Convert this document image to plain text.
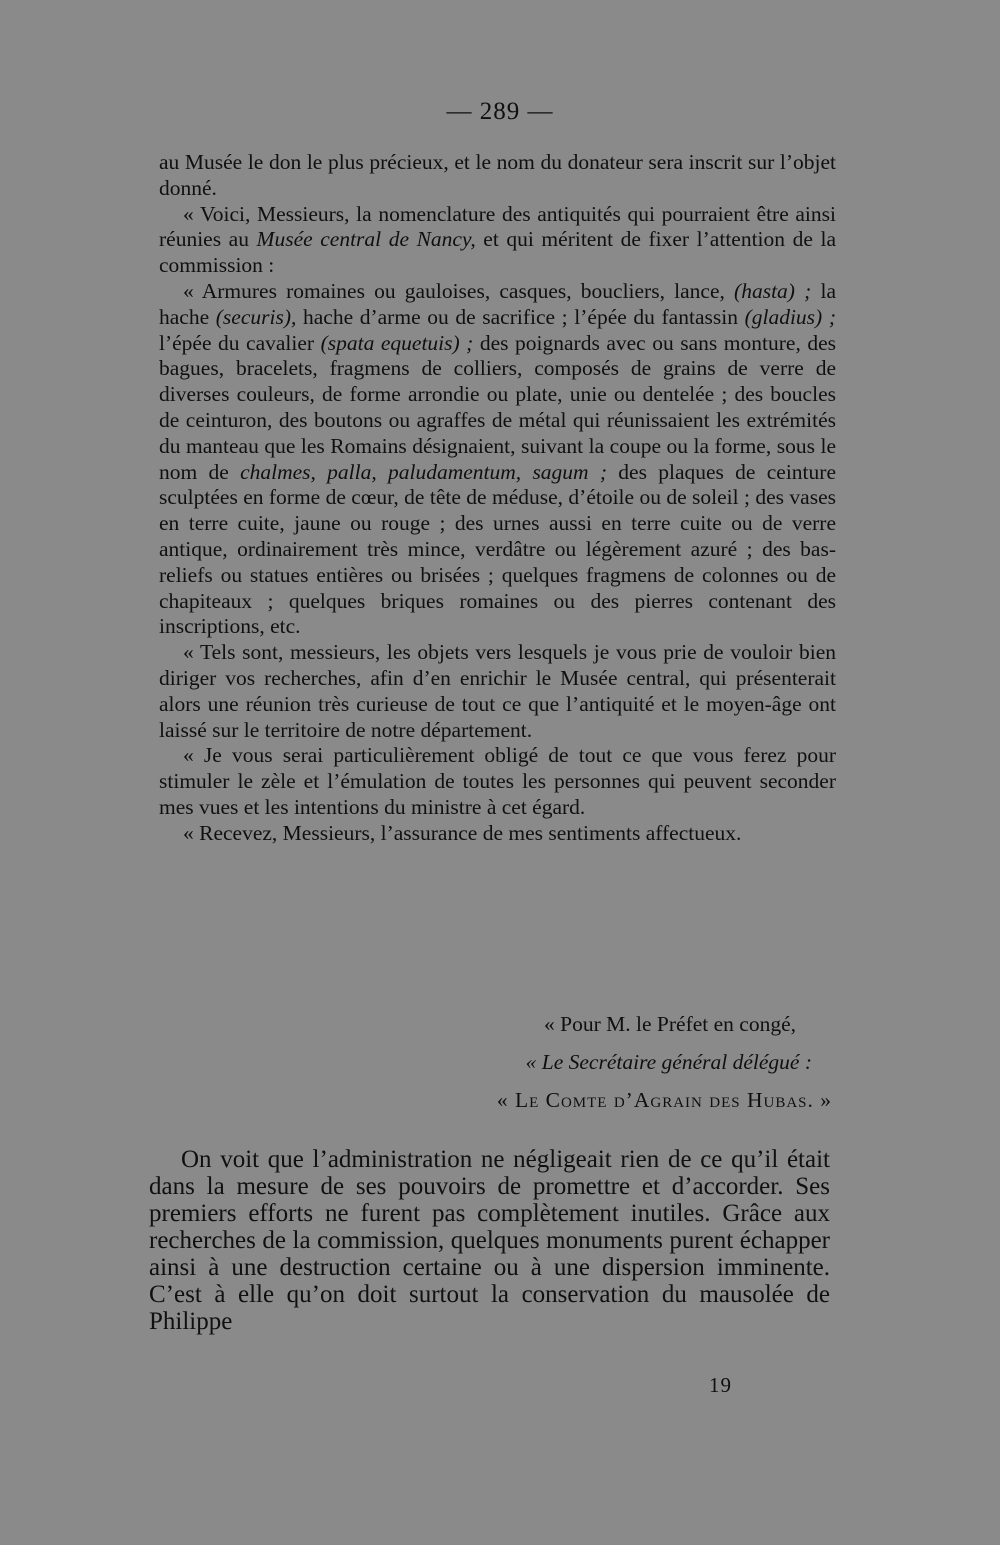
— 289 —

au Musée le don le plus précieux, et le nom du donateur sera inscrit sur l’objet donné.

« Voici, Messieurs, la nomenclature des antiquités qui pourraient être ainsi réunies au Musée central de Nancy, et qui méritent de fixer l’attention de la commission :

« Armures romaines ou gauloises, casques, boucliers, lance, (hasta) ; la hache (securis), hache d’arme ou de sacrifice ; l’épée du fantassin (gladius) ; l’épée du cavalier (spata equetuis) ; des poignards avec ou sans monture, des bagues, bracelets, fragmens de colliers, composés de grains de verre de diverses couleurs, de forme arrondie ou plate, unie ou dentelée ; des boucles de ceinturon, des boutons ou agraffes de métal qui réunissaient les extrémités du manteau que les Romains désignaient, suivant la coupe ou la forme, sous le nom de chalmes, palla, paludamentum, sagum ; des plaques de ceinture sculptées en forme de cœur, de tête de méduse, d’étoile ou de soleil ; des vases en terre cuite, jaune ou rouge ; des urnes aussi en terre cuite ou de verre antique, ordinairement très mince, verdâtre ou légèrement azuré ; des bas-reliefs ou statues entières ou brisées ; quelques fragmens de colonnes ou de chapiteaux ; quelques briques romaines ou des pierres contenant des inscriptions, etc.

« Tels sont, messieurs, les objets vers lesquels je vous prie de vouloir bien diriger vos recherches, afin d’en enrichir le Musée central, qui présenterait alors une réunion très curieuse de tout ce que l’antiquité et le moyen-âge ont laissé sur le territoire de notre département.

« Je vous serai particulièrement obligé de tout ce que vous ferez pour stimuler le zèle et l’émulation de toutes les personnes qui peuvent seconder mes vues et les intentions du ministre à cet égard.

« Recevez, Messieurs, l’assurance de mes sentiments affectueux.

« Pour M. le Préfet en congé,
« Le Secrétaire général délégué :
« Le Comte d’Agrain des Hubas. »

On voit que l’administration ne négligeait rien de ce qu’il était dans la mesure de ses pouvoirs de promettre et d’accorder. Ses premiers efforts ne furent pas complètement inutiles. Grâce aux recherches de la commission, quelques monuments purent échapper ainsi à une destruction certaine ou à une dispersion imminente. C’est à elle qu’on doit surtout la conservation du mausolée de Philippe

19
